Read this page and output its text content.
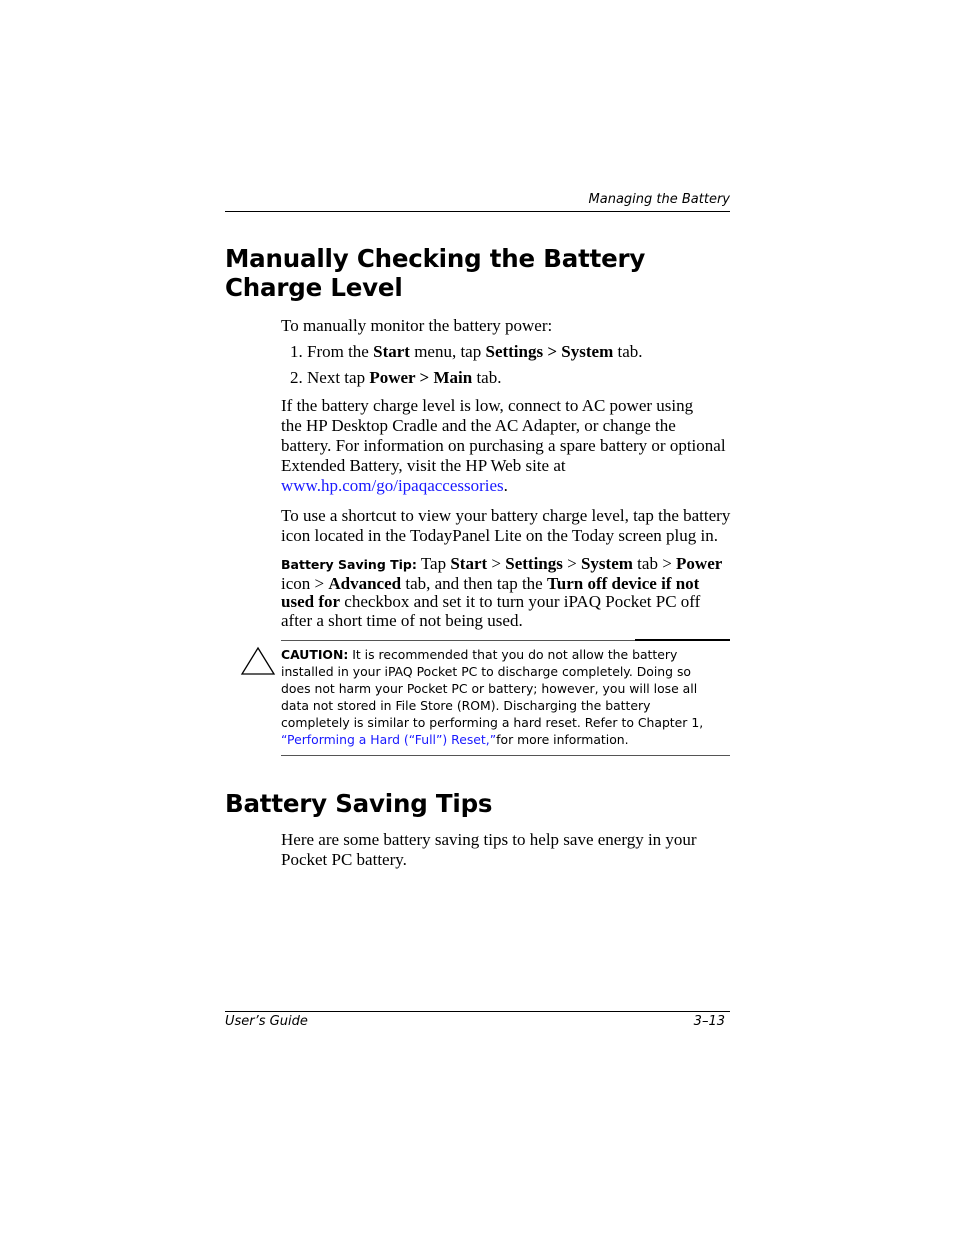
Managing the Battery
Manually Checking the Battery
Charge Level

To manually monitor the battery power:

1. From the Start menu, tap Settings > System tab.
2. Next tap Power > Main tab.

If the battery charge level is low, connect to AC power using
the HP Desktop Cradle and the AC Adapter, or change the
battery. For information on purchasing a spare battery or optional
Extended Battery, visit the HP Web site at
www.hp.com/go/ipaqaccessories.

To use a shortcut to view your battery charge level, tap the battery
icon located in the TodayPanel Lite on the Today screen plug in.

Battery Saving Tip: Tap Start > Settings > System tab > Power
icon > Advanced tab, and then tap the Turn off device if not
used for checkbox and set it to turn your iPAQ Pocket PC off
after a short time of not being used.
CAUTION: It is recommended that you do not allow the battery
installed in your iPAQ Pocket PC to discharge completely. Doing so
does not harm your Pocket PC or battery; however, you will lose all
data not stored in File Store (ROM). Discharging the battery
completely is similar to performing a hard reset. Refer to Chapter 1,
“Performing a Hard (“Full”) Reset,”for more information.
Battery Saving Tips

Here are some battery saving tips to help save energy in your
Pocket PC battery.

User’s Guide	3–13
